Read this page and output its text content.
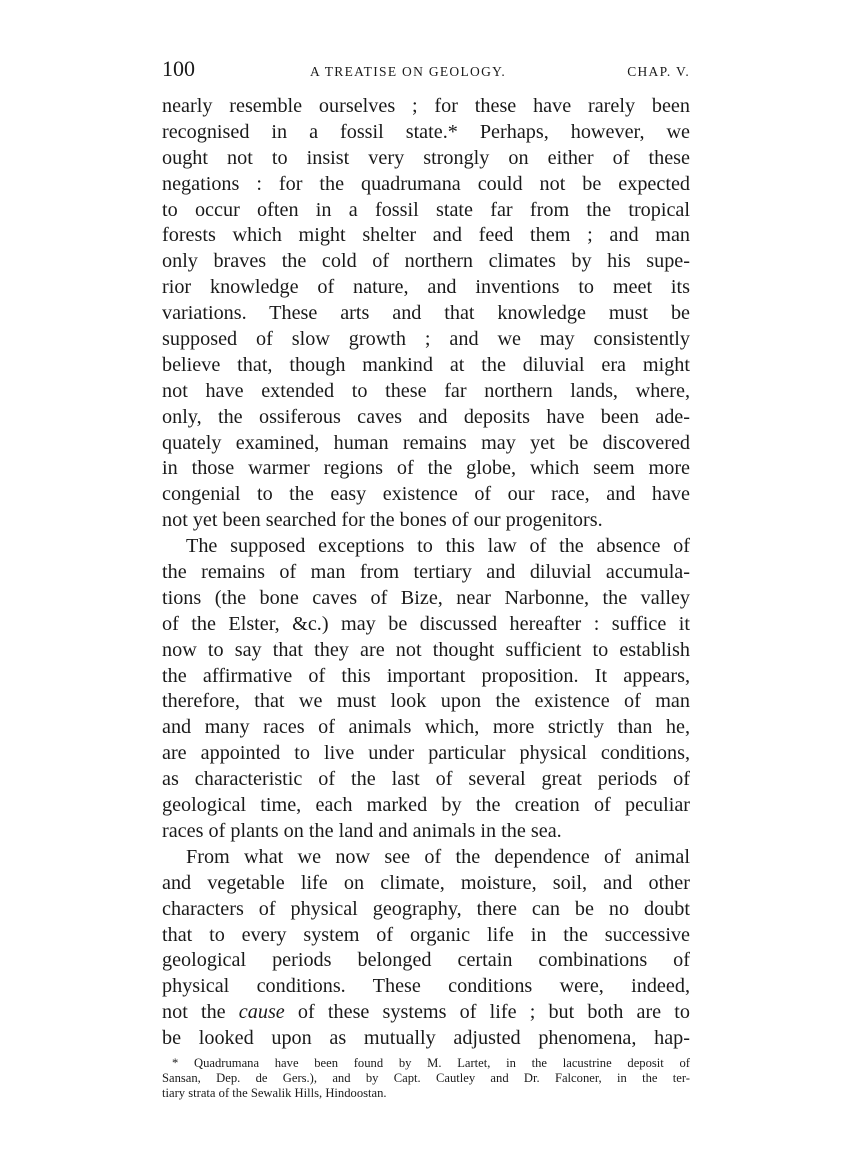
100	A TREATISE ON GEOLOGY.	CHAP. V.
nearly resemble ourselves ; for these have rarely been
recognised in a fossil state.* Perhaps, however, we
ought not to insist very strongly on either of these
negations : for the quadrumana could not be expected
to occur often in a fossil state far from the tropical
forests which might shelter and feed them ; and man
only braves the cold of northern climates by his supe-
rior knowledge of nature, and inventions to meet its
variations. These arts and that knowledge must be
supposed of slow growth ; and we may consistently
believe that, though mankind at the diluvial era might
not have extended to these far northern lands, where,
only, the ossiferous caves and deposits have been ade-
quately examined, human remains may yet be discovered
in those warmer regions of the globe, which seem more
congenial to the easy existence of our race, and have
not yet been searched for the bones of our progenitors.
The supposed exceptions to this law of the absence of
the remains of man from tertiary and diluvial accumula-
tions (the bone caves of Bize, near Narbonne, the valley
of the Elster, &c.) may be discussed hereafter : suffice it
now to say that they are not thought sufficient to establish
the affirmative of this important proposition. It appears,
therefore, that we must look upon the existence of man
and many races of animals which, more strictly than he,
are appointed to live under particular physical conditions,
as characteristic of the last of several great periods of
geological time, each marked by the creation of peculiar
races of plants on the land and animals in the sea.
From what we now see of the dependence of animal
and vegetable life on climate, moisture, soil, and other
characters of physical geography, there can be no doubt
that to every system of organic life in the successive
geological periods belonged certain combinations of
physical conditions. These conditions were, indeed,
not the cause of these systems of life ; but both are to
be looked upon as mutually adjusted phenomena, hap-
* Quadrumana have been found by M. Lartet, in the lacustrine deposit of
Sansan, Dep. de Gers.), and by Capt. Cautley and Dr. Falconer, in the ter-
tiary strata of the Sewalik Hills, Hindoostan.
